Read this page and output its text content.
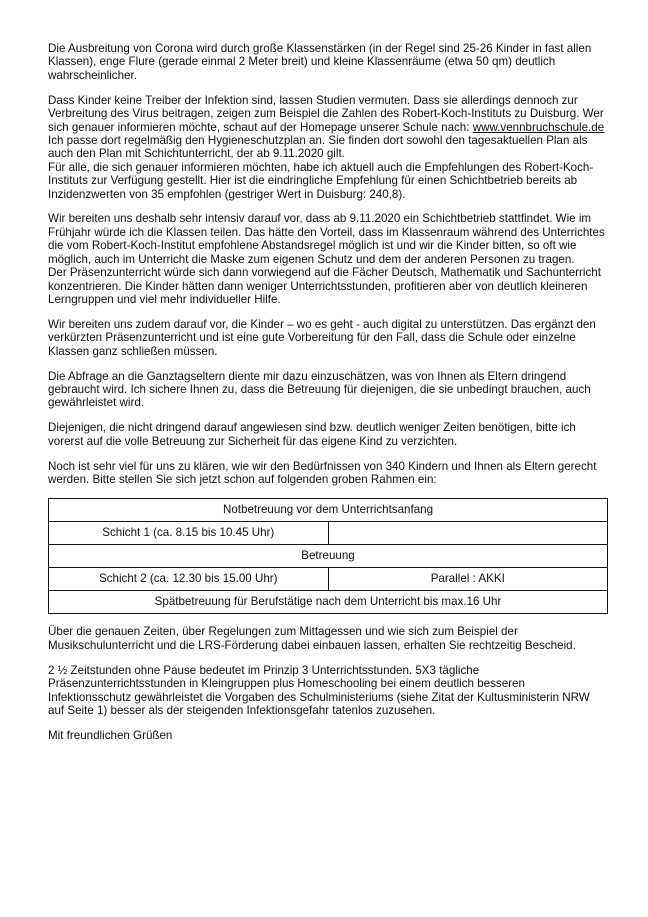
Die Ausbreitung von Corona wird durch große Klassenstärken (in der Regel sind 25-26 Kinder in fast allen Klassen), enge Flure (gerade einmal 2 Meter breit) und kleine Klassenräume (etwa 50 qm) deutlich wahrscheinlicher.

Dass Kinder keine Treiber der Infektion sind, lassen Studien vermuten. Dass sie allerdings dennoch zur Verbreitung des Virus beitragen, zeigen zum Beispiel die Zahlen des Robert-Koch-Instituts zu Duisburg. Wer sich genauer informieren möchte, schaut auf der Homepage unserer Schule nach: www.vennbruchschule.de

Ich passe dort regelmäßig den Hygieneschutzplan an. Sie finden dort sowohl den tagesaktuellen Plan als auch den Plan mit Schichtunterricht, der ab 9.11.2020 gilt.

Für alle, die sich genauer informieren möchten, habe ich aktuell auch die Empfehlungen des Robert-Koch-Instituts zur Verfügung gestellt. Hier ist die eindringliche Empfehlung für einen Schichtbetrieb bereits ab Inzidenzwerten von 35 empfohlen (gestriger Wert in Duisburg: 240,8).

Wir bereiten uns deshalb sehr intensiv darauf vor, dass ab 9.11.2020 ein Schichtbetrieb stattfindet. Wie im Frühjahr würde ich die Klassen teilen. Das hätte den Vorteil, dass im Klassenraum während des Unterrichtes die vom Robert-Koch-Institut empfohlene Abstandsregel möglich ist und wir die Kinder bitten, so oft wie möglich, auch im Unterricht die Maske zum eigenen Schutz und dem der anderen Personen zu tragen.

Der Präsenzunterricht würde sich dann vorwiegend auf die Fächer Deutsch, Mathematik und Sachunterricht konzentrieren. Die Kinder hätten dann weniger Unterrichtsstunden, profitieren aber von deutlich kleineren Lerngruppen und viel mehr individueller Hilfe.

Wir bereiten uns zudem darauf vor, die Kinder – wo es geht - auch digital zu unterstützen. Das ergänzt den verkürzten Präsenzunterricht und ist eine gute Vorbereitung für den Fall, dass die Schule oder einzelne Klassen ganz schließen müssen.

Die Abfrage an die Ganztagseltern diente mir dazu einzuschätzen, was von Ihnen als Eltern dringend gebraucht wird. Ich sichere Ihnen zu, dass die Betreuung für diejenigen, die sie unbedingt brauchen, auch gewährleistet wird.

Diejenigen, die nicht dringend darauf angewiesen sind bzw. deutlich weniger Zeiten benötigen, bitte ich vorerst auf die volle Betreuung zur Sicherheit für das eigene Kind zu verzichten.

Noch ist sehr viel für uns zu klären, wie wir den Bedürfnissen von 340 Kindern und Ihnen als Eltern gerecht werden. Bitte stellen Sie sich jetzt schon auf folgenden groben Rahmen ein:

Notbetreuung vor dem Unterrichtsanfang	
Schicht 1 (ca. 8.15 bis 10.45 Uhr)	
Betreuung	
Schicht 2 (ca. 12.30 bis 15.00 Uhr)	Parallel : AKKI
Spätbetreuung für Berufstätige nach dem Unterricht bis max.16 Uhr	

Über die genauen Zeiten, über Regelungen zum Mittagessen und wie sich zum Beispiel der Musikschulunterricht und die LRS-Förderung dabei einbauen lassen, erhalten Sie rechtzeitig Bescheid.

2 ½ Zeitstunden ohne Pause bedeutet im Prinzip 3 Unterrichtsstunden. 5X3 tägliche Präsenzunterrichtsstunden in Kleingruppen plus Homeschooling bei einem deutlich besseren Infektionsschutz gewährleistet die Vorgaben des Schulministeriums (siehe Zitat der Kultusministerin NRW auf Seite 1) besser als der steigenden Infektionsgefahr tatenlos zuzusehen.

Mit freundlichen Grüßen
